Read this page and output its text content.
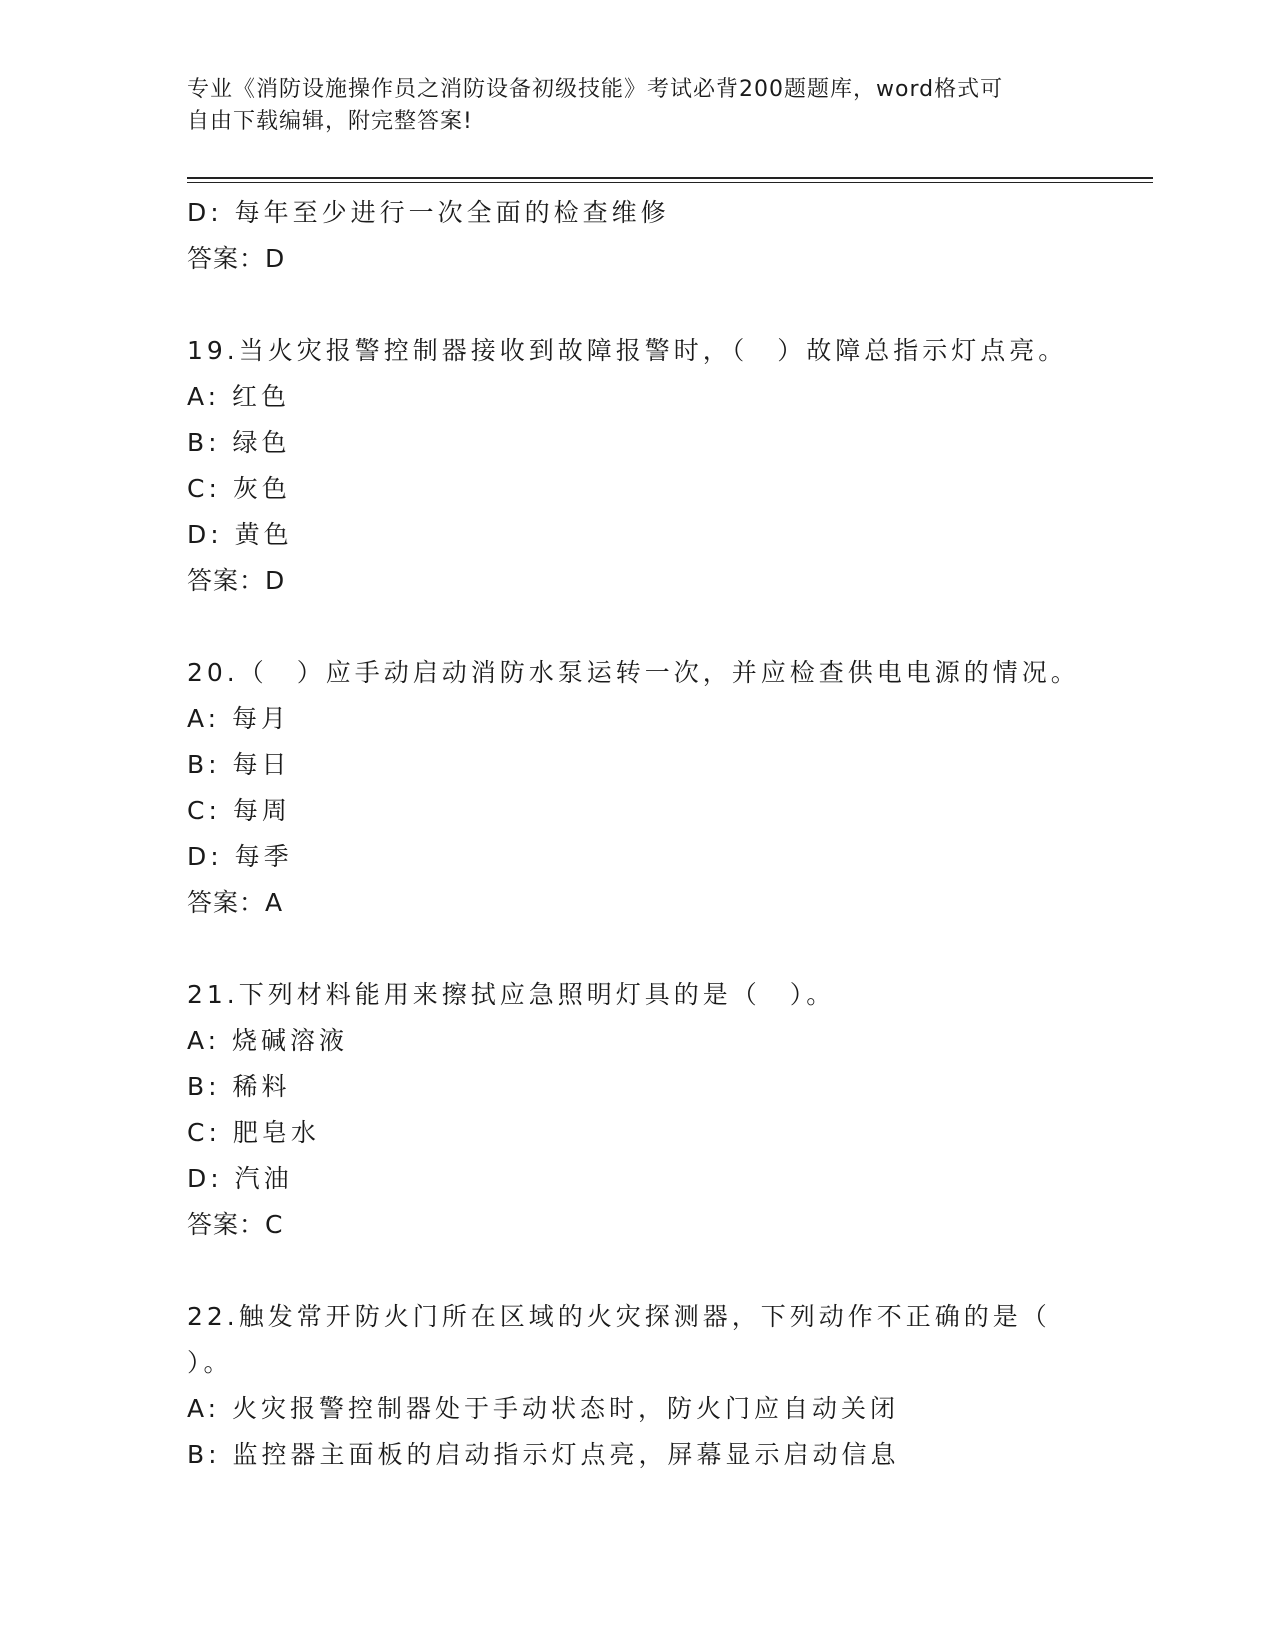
专业《消防设施操作员之消防设备初级技能》考试必背200题题库，word格式可
自由下载编辑，附完整答案!
D: 每年至少进行一次全面的检查维修
答案：D
19.当火灾报警控制器接收到故障报警时，（　）故障总指示灯点亮。
A: 红色
B: 绿色
C: 灰色
D: 黄色
答案：D
20.（　）应手动启动消防水泵运转一次，并应检查供电电源的情况。
A: 每月
B: 每日
C: 每周
D: 每季
答案：A
21.下列材料能用来擦拭应急照明灯具的是（　）。
A: 烧碱溶液
B: 稀料
C: 肥皂水
D: 汽油
答案：C
22.触发常开防火门所在区域的火灾探测器，下列动作不正确的是（
）。
A: 火灾报警控制器处于手动状态时，防火门应自动关闭
B: 监控器主面板的启动指示灯点亮，屏幕显示启动信息
